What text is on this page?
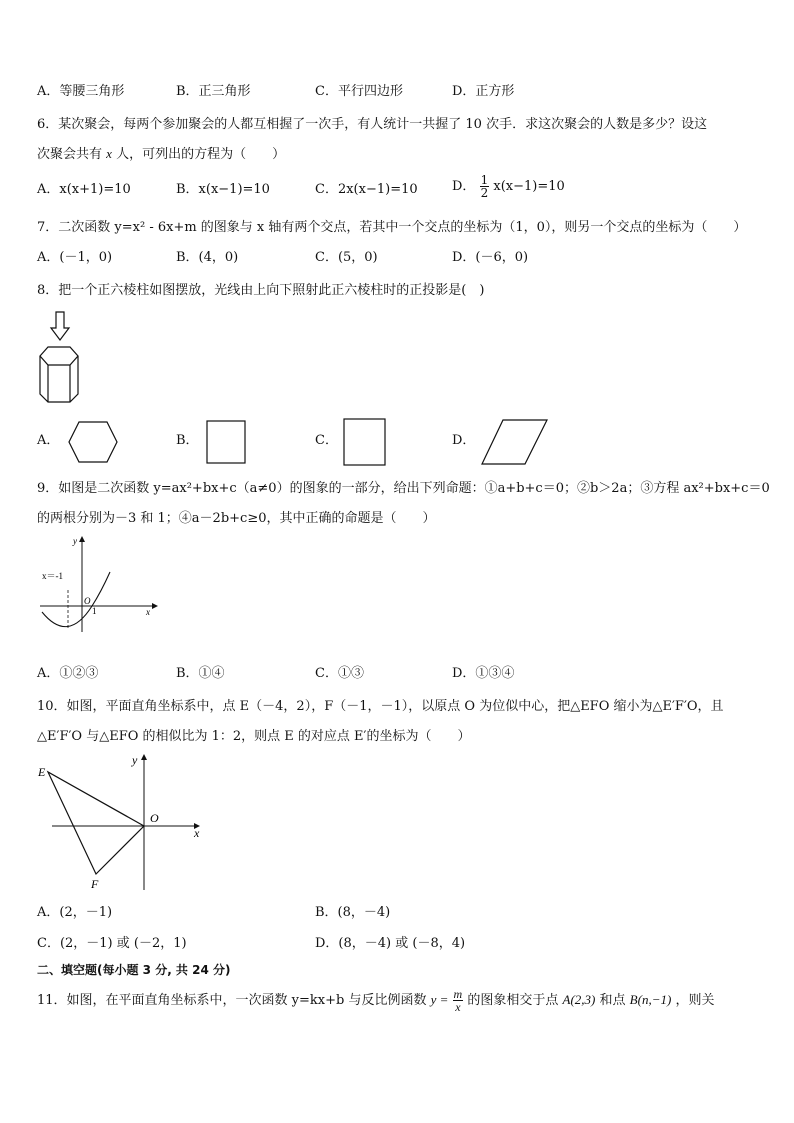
A．等腰三角形	B．正三角形	C．平行四边形	D．正方形
6．某次聚会，每两个参加聚会的人都互相握了一次手，有人统计一共握了 10 次手．求这次聚会的人数是多少？设这
次聚会共有 x 人，可列出的方程为（　　）
A．x(x+1)=10	B．x(x−1)=10	C．2x(x−1)=10	D． $\frac{1}{2} x(x-1)=10$
7．二次函数 y=x² - 6x+m 的图象与 x 轴有两个交点，若其中一个交点的坐标为（1，0），则另一个交点的坐标为（　　）
A．(－1，0)	B．(4，0)	C．(5，0)	D．(－6，0)
8．把一个正六棱柱如图摆放，光线由上向下照射此正六棱柱时的正投影是(　)
A．	B．	C．	D．
9．如图是二次函数 y=ax²+bx+c（a≠0）的图象的一部分，给出下列命题：①a+b+c＝0；②b＞2a；③方程 ax²+bx+c＝0
的两根分别为－3 和 1；④a－2b+c≥0，其中正确的命题是（　　）
y
x
O
1
x＝-1
A．①②③	B．①④	C．①③	D．①③④
10．如图，平面直角坐标系中，点 E（－4，2），F（－1，－1），以原点 O 为位似中心，把△EFO 缩小为△E′F′O，且
△E′F′O 与△EFO 的相似比为 1：2，则点 E 的对应点 E′的坐标为（　　）
E
F
O
x
y
A．(2，－1)	B．(8，－4)
C．(2，－1) 或 (－2，1)	D．(8，－4) 或 (－8，4)
二、填空题(每小题 3 分, 共 24 分)
11．如图，在平面直角坐标系中，一次函数 y=kx+b 与反比例函数 $y = \frac{m}{x}$ 的图象相交于点 A(2,3) 和点 B(n,−1) ，则关
